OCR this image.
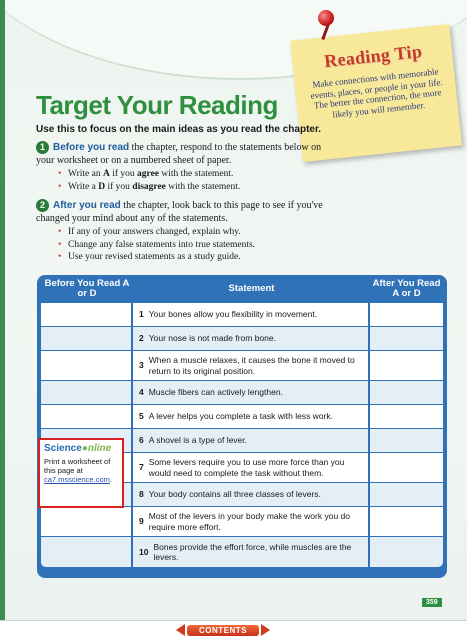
Reading Tip
Make connections with memorable events, places, or people in your life. The better the connection, the more likely you will remember.
Target Your Reading
Use this to focus on the main ideas as you read the chapter.
1 Before you read the chapter, respond to the statements below on your worksheet or on a numbered sheet of paper.
• Write an A if you agree with the statement.
• Write a D if you disagree with the statement.
2 After you read the chapter, look back to this page to see if you've changed your mind about any of the statements.
• If any of your answers changed, explain why.
• Change any false statements into true statements.
• Use your revised statements as a study guide.
Before You Read A or D	Statement	After You Read A or D
1 Your bones allow you flexibility in movement.
2 Your nose is not made from bone.
3
When a muscle relaxes, it causes the bone it moved to return to its original position.
4 Muscle fibers can actively lengthen.
5 A lever helps you complete a task with less work.
6 A shovel is a type of lever.
7
Some levers require you to use more force than you would need to complete the task without them.
8 Your body contains all three classes of levers.
9
Most of the levers in your body make the work you do require more effort.
10
Bones provide the effort force, while muscles are the levers.
Science●nline
Print a worksheet of this page at ca7.msscience.com.
359
CONTENTS
